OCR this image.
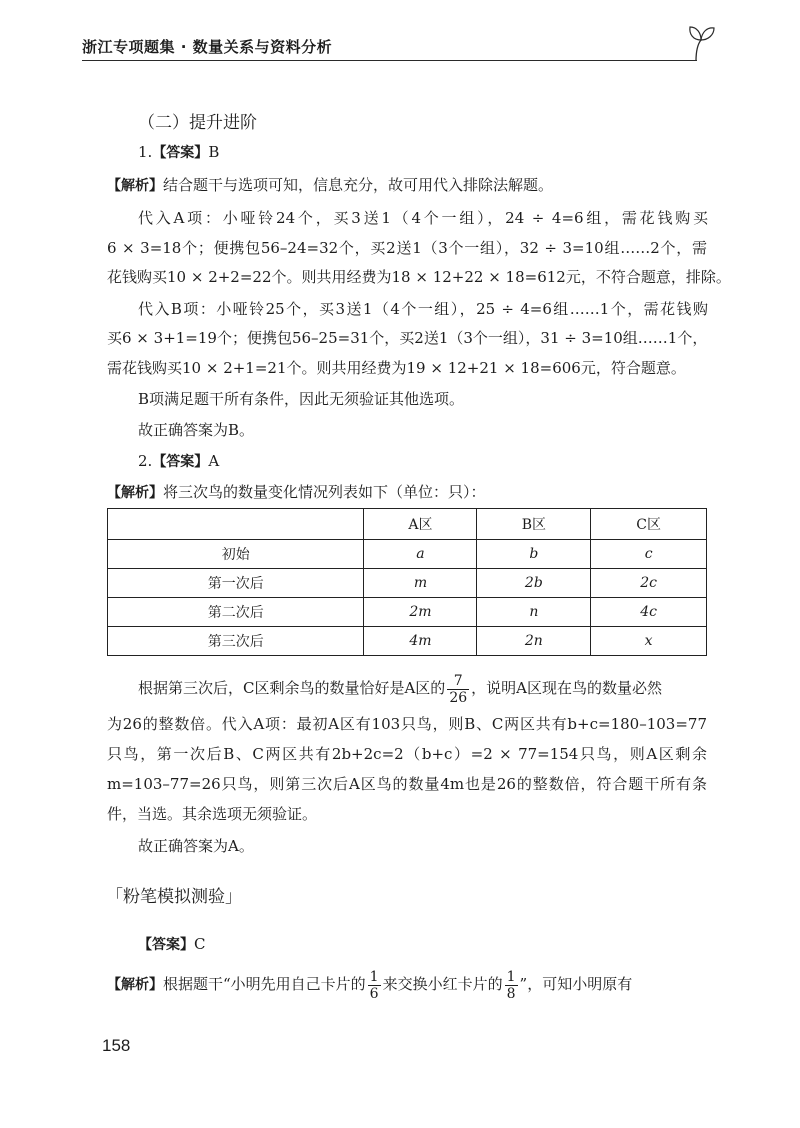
浙江专项题集 · 数量关系与资料分析
（二）提升进阶
1.【答案】B
【解析】结合题干与选项可知，信息充分，故可用代入排除法解题。
代入A项：小哑铃24个，买3送1（4个一组），24 ÷ 4=6组，需花钱购买
6 × 3=18个；便携包56–24=32个，买2送1（3个一组），32 ÷ 3=10组……2个，需
花钱购买10 × 2+2=22个。则共用经费为18 × 12+22 × 18=612元，不符合题意，排除。
代入B项：小哑铃25个，买3送1（4个一组），25 ÷ 4=6组……1个，需花钱购
买6 × 3+1=19个；便携包56–25=31个，买2送1（3个一组），31 ÷ 3=10组……1个，
需花钱购买10 × 2+1=21个。则共用经费为19 × 12+21 × 18=606元，符合题意。
B项满足题干所有条件，因此无须验证其他选项。
故正确答案为B。
2.【答案】A
【解析】将三次鸟的数量变化情况列表如下（单位：只）：
	A区	B区	C区
初始	a	b	c
第一次后	m	2b	2c
第二次后	2m	n	4c
第三次后	4m	2n	x
根据第三次后，C区剩余鸟的数量恰好是A区的 $\frac{7}{26}$ ，说明A区现在鸟的数量必然
为26的整数倍。代入A项：最初A区有103只鸟，则B、C两区共有b+c=180–103=77
只鸟，第一次后B、C两区共有2b+2c=2（b+c）=2 × 77=154只鸟，则A区剩余
m=103–77=26只鸟，则第三次后A区鸟的数量4m也是26的整数倍，符合题干所有条
件，当选。其余选项无须验证。
故正确答案为A。
「粉笔模拟测验」
【答案】C
【解析】根据题干“小明先用自己卡片的 $\frac{1}{6}$ 来交换小红卡片的 $\frac{1}{8}$ ”，可知小明原有
158
